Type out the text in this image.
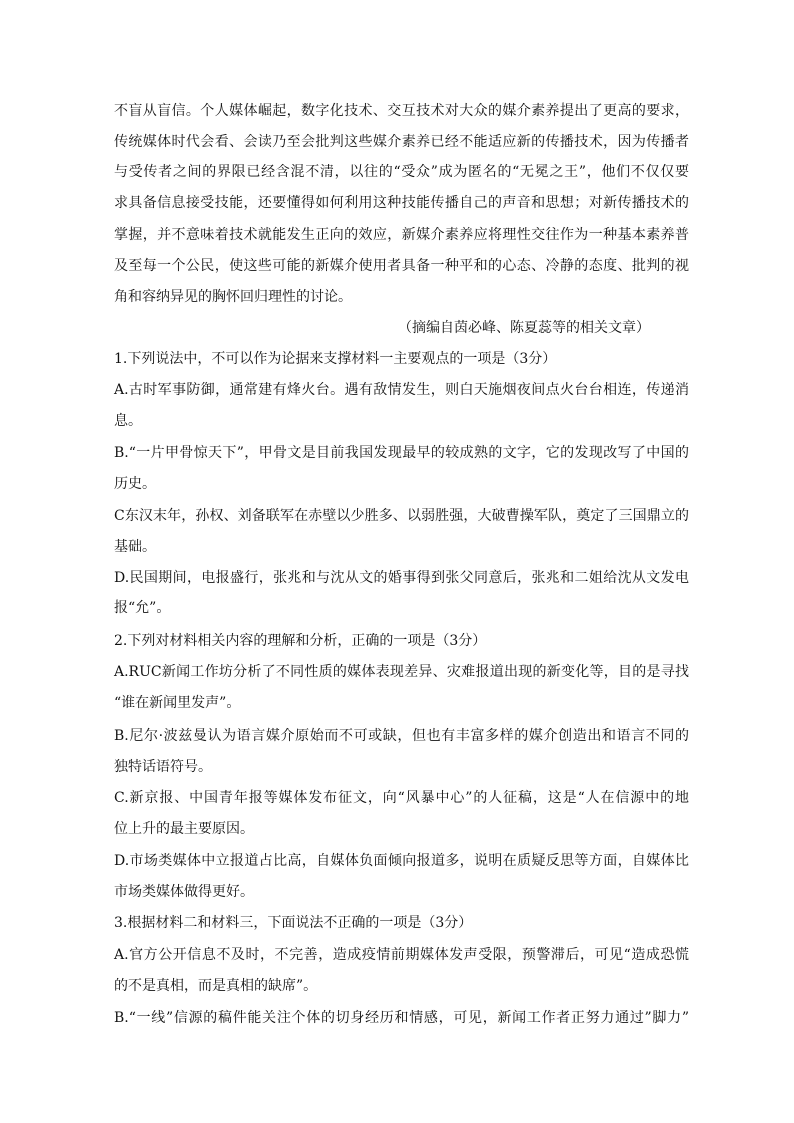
不盲从盲信。个人媒体崛起，数字化技术、交互技术对大众的媒介素养提出了更高的要求，
传统媒体时代会看、会读乃至会批判这些媒介素养已经不能适应新的传播技术，因为传播者
与受传者之间的界限已经含混不清，以往的“受众”成为匿名的“无冕之王”，他们不仅仅要
求具备信息接受技能，还要懂得如何利用这种技能传播自己的声音和思想；对新传播技术的
掌握，并不意味着技术就能发生正向的效应，新媒介素养应将理性交往作为一种基本素养普
及至每一个公民，使这些可能的新媒介使用者具备一种平和的心态、冷静的态度、批判的视
角和容纳异见的胸怀回归理性的讨论。
（摘编自茵必峰、陈夏蕊等的相关文章）
1.下列说法中，不可以作为论据来支撑材料一主要观点的一项是（3分）
A.古时军事防御，通常建有烽火台。遇有敌情发生，则白天施烟夜间点火台台相连，传递消
息。
B.“一片甲骨惊天下”，甲骨文是目前我国发现最早的较成熟的文字，它的发现改写了中国的
历史。
C东汉末年，孙权、刘备联军在赤壁以少胜多、以弱胜强，大破曹操军队，奠定了三国鼎立的
基础。
D.民国期间，电报盛行，张兆和与沈从文的婚事得到张父同意后，张兆和二姐给沈从文发电
报“允”。
2.下列对材料相关内容的理解和分析，正确的一项是（3分）
A.RUC新闻工作坊分析了不同性质的媒体表现差异、灾难报道出现的新变化等，目的是寻找
“谁在新闻里发声”。
B.尼尔·波兹曼认为语言媒介原始而不可或缺，但也有丰富多样的媒介创造出和语言不同的
独特话语符号。
C.新京报、中国青年报等媒体发布征文，向“风暴中心”的人征稿，这是“人在信源中的地
位上升的最主要原因。
D.市场类媒体中立报道占比高，自媒体负面倾向报道多，说明在质疑反思等方面，自媒体比
市场类媒体做得更好。
3.根据材料二和材料三，下面说法不正确的一项是（3分）
A.官方公开信息不及时，不完善，造成疫情前期媒体发声受限，预警滞后，可见“造成恐慌
的不是真相，而是真相的缺席”。
B.“一线”信源的稿件能关注个体的切身经历和情感，可见，新闻工作者正努力通过”脚力”
